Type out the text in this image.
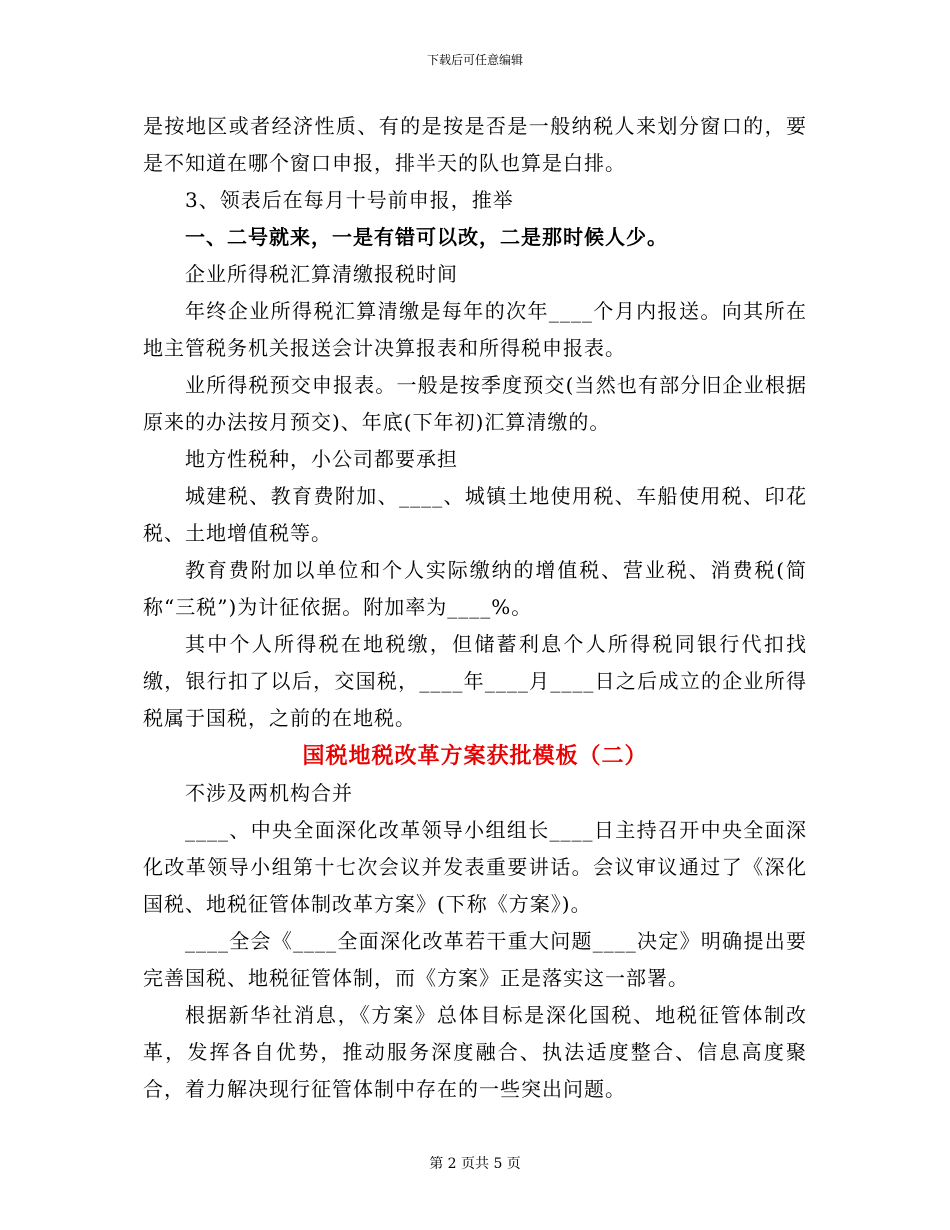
下载后可任意编辑

是按地区或者经济性质、有的是按是否是一般纳税人来划分窗口的，要是不知道在哪个窗口申报，排半天的队也算是白排。

3、领表后在每月十号前申报，推举

一、二号就来，一是有错可以改，二是那时候人少。

企业所得税汇算清缴报税时间

年终企业所得税汇算清缴是每年的次年____个月内报送。向其所在地主管税务机关报送会计决算报表和所得税申报表。

业所得税预交申报表。一般是按季度预交(当然也有部分旧企业根据原来的办法按月预交)、年底(下年初)汇算清缴的。

地方性税种，小公司都要承担

城建税、教育费附加、____、城镇土地使用税、车船使用税、印花税、土地增值税等。

教育费附加以单位和个人实际缴纳的增值税、营业税、消费税(简称“三税”)为计征依据。附加率为____%。

其中个人所得税在地税缴，但储蓄利息个人所得税同银行代扣找缴，银行扣了以后，交国税，____年____月____日之后成立的企业所得税属于国税，之前的在地税。

国税地税改革方案获批模板（二）

不涉及两机构合并

____、中央全面深化改革领导小组组长____日主持召开中央全面深化改革领导小组第十七次会议并发表重要讲话。会议审议通过了《深化国税、地税征管体制改革方案》(下称《方案》)。

____全会《____全面深化改革若干重大问题____决定》明确提出要完善国税、地税征管体制，而《方案》正是落实这一部署。

根据新华社消息，《方案》总体目标是深化国税、地税征管体制改革，发挥各自优势，推动服务深度融合、执法适度整合、信息高度聚合，着力解决现行征管体制中存在的一些突出问题。

第 2 页共 5 页
